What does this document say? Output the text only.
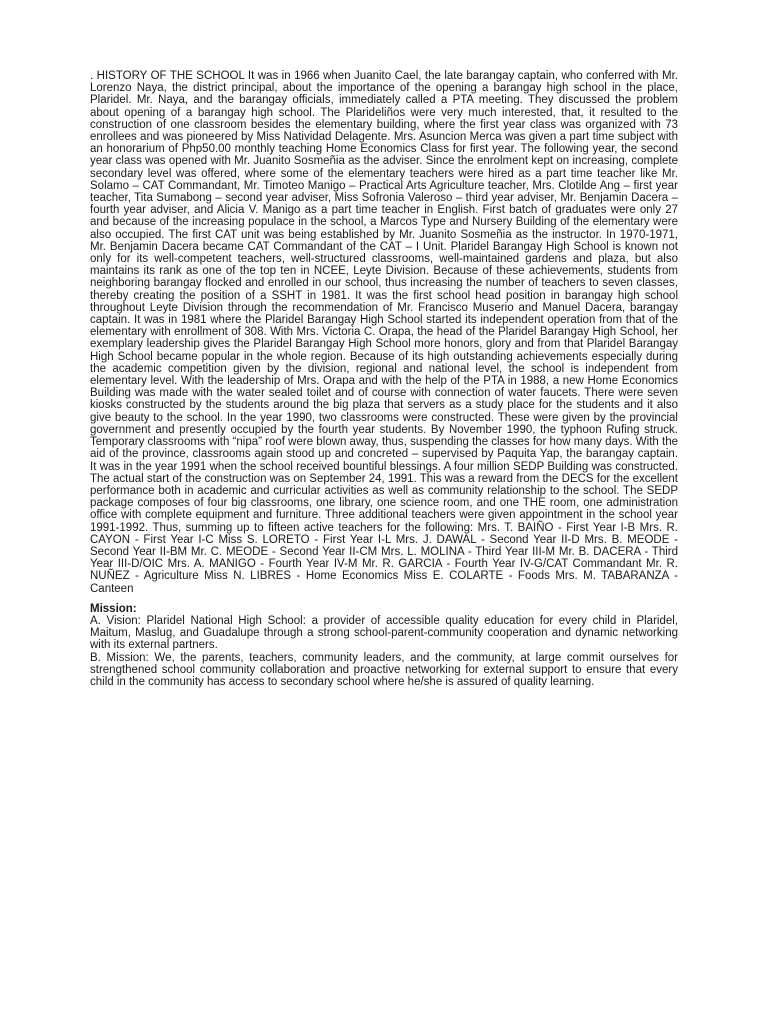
. HISTORY OF THE SCHOOL It was in 1966 when Juanito Cael, the late barangay captain, who conferred with Mr. Lorenzo Naya, the district principal, about the importance of the opening a barangay high school in the place, Plaridel. Mr. Naya, and the barangay officials, immediately called a PTA meeting. They discussed the problem about opening of a barangay high school. The Plarideliños were very much interested, that, it resulted to the construction of one classroom besides the elementary building, where the first year class was organized with 73 enrollees and was pioneered by Miss Natividad Delagente. Mrs. Asuncion Merca was given a part time subject with an honorarium of Php50.00 monthly teaching Home Economics Class for first year. The following year, the second year class was opened with Mr. Juanito Sosmeñia as the adviser. Since the enrolment kept on increasing, complete secondary level was offered, where some of the elementary teachers were hired as a part time teacher like Mr. Solamo – CAT Commandant, Mr. Timoteo Manigo – Practical Arts Agriculture teacher, Mrs. Clotilde Ang – first year teacher, Tita Sumabong – second year adviser, Miss Sofronia Valeroso – third year adviser, Mr. Benjamin Dacera – fourth year adviser, and Alicia V. Manigo as a part time teacher in English. First batch of graduates were only 27 and because of the increasing populace in the school, a Marcos Type and Nursery Building of the elementary were also occupied. The first CAT unit was being established by Mr. Juanito Sosmeñia as the instructor. In 1970-1971, Mr. Benjamin Dacera became CAT Commandant of the CAT – I Unit. Plaridel Barangay High School is known not only for its well-competent teachers, well-structured classrooms, well-maintained gardens and plaza, but also maintains its rank as one of the top ten in NCEE, Leyte Division. Because of these achievements, students from neighboring barangay flocked and enrolled in our school, thus increasing the number of teachers to seven classes, thereby creating the position of a SSHT in 1981. It was the first school head position in barangay high school throughout Leyte Division through the recommendation of Mr. Francisco Muserio and Manuel Dacera, barangay captain. It was in 1981 where the Plaridel Barangay High School started its independent operation from that of the elementary with enrollment of 308. With Mrs. Victoria C. Orapa, the head of the Plaridel Barangay High School, her exemplary leadership gives the Plaridel Barangay High School more honors, glory and from that Plaridel Barangay High School became popular in the whole region. Because of its high outstanding achievements especially during the academic competition given by the division, regional and national level, the school is independent from elementary level. With the leadership of Mrs. Orapa and with the help of the PTA in 1988, a new Home Economics Building was made with the water sealed toilet and of course with connection of water faucets. There were seven kiosks constructed by the students around the big plaza that servers as a study place for the students and it also give beauty to the school. In the year 1990, two classrooms were constructed. These were given by the provincial government and presently occupied by the fourth year students. By November 1990, the typhoon Rufing struck. Temporary classrooms with “nipa” roof were blown away, thus, suspending the classes for how many days. With the aid of the province, classrooms again stood up and concreted – supervised by Paquita Yap, the barangay captain. It was in the year 1991 when the school received bountiful blessings. A four million SEDP Building was constructed. The actual start of the construction was on September 24, 1991. This was a reward from the DECS for the excellent performance both in academic and curricular activities as well as community relationship to the school. The SEDP package composes of four big classrooms, one library, one science room, and one THE room, one administration office with complete equipment and furniture. Three additional teachers were given appointment in the school year 1991-1992. Thus, summing up to fifteen active teachers for the following: Mrs. T. BAIÑO - First Year I-B Mrs. R. CAYON - First Year I-C Miss S. LORETO - First Year I-L Mrs. J. DAWAL - Second Year II-D Mrs. B. MEODE - Second Year II-BM Mr. C. MEODE - Second Year II-CM Mrs. L. MOLINA - Third Year III-M Mr. B. DACERA - Third Year III-D/OIC Mrs. A. MANIGO - Fourth Year IV-M Mr. R. GARCIA - Fourth Year IV-G/CAT Commandant Mr. R. NUÑEZ - Agriculture Miss N. LIBRES - Home Economics Miss E. COLARTE - Foods Mrs. M. TABARANZA - Canteen

Mission:

A. Vision: Plaridel National High School: a provider of accessible quality education for every child in Plaridel, Maitum, Maslug, and Guadalupe through a strong school-parent-community cooperation and dynamic networking with its external partners.

B. Mission: We, the parents, teachers, community leaders, and the community, at large commit ourselves for strengthened school community collaboration and proactive networking for external support to ensure that every child in the community has access to secondary school where he/she is assured of quality learning.
